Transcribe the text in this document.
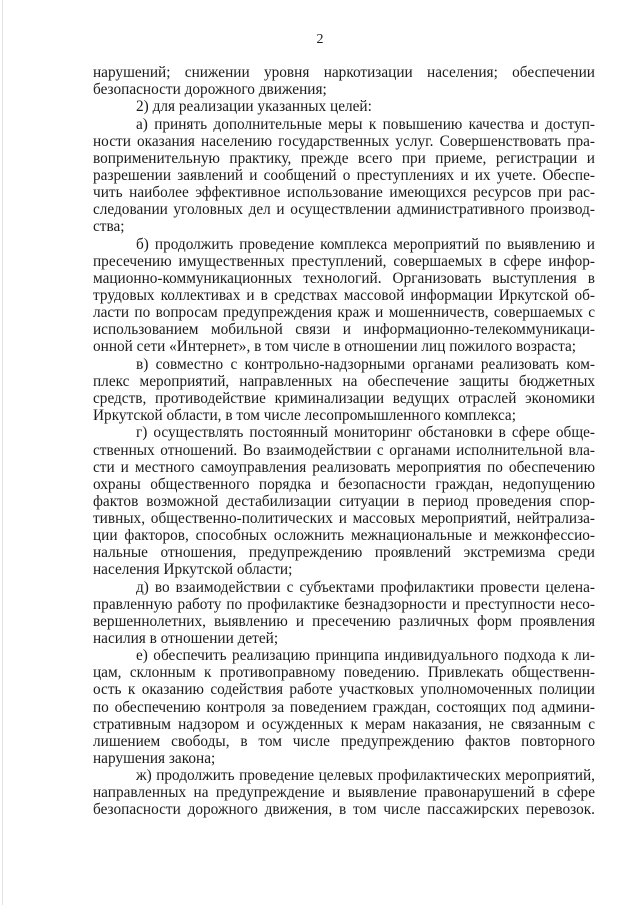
2

нарушений; снижении уровня наркотизации населения; обеспечении
безопасности дорожного движения;

2) для реализации указанных целей:

а) принять дополнительные меры к повышению качества и доступ-
ности оказания населению государственных услуг. Совершенствовать пра-
воприменительную практику, прежде всего при приеме, регистрации и
разрешении заявлений и сообщений о преступлениях и их учете. Обеспе-
чить наиболее эффективное использование имеющихся ресурсов при рас-
следовании уголовных дел и осуществлении административного производ-
ства;

б) продолжить проведение комплекса мероприятий по выявлению и
пресечению имущественных преступлений, совершаемых в сфере инфор-
мационно-коммуникационных технологий. Организовать выступления в
трудовых коллективах и в средствах массовой информации Иркутской об-
ласти по вопросам предупреждения краж и мошенничеств, совершаемых с
использованием мобильной связи и информационно-телекоммуникаци-
онной сети «Интернет», в том числе в отношении лиц пожилого возраста;

в) совместно с контрольно-надзорными органами реализовать ком-
плекс мероприятий, направленных на обеспечение защиты бюджетных
средств, противодействие криминализации ведущих отраслей экономики
Иркутской области, в том числе лесопромышленного комплекса;

г) осуществлять постоянный мониторинг обстановки в сфере обще-
ственных отношений. Во взаимодействии с органами исполнительной вла-
сти и местного самоуправления реализовать мероприятия по обеспечению
охраны общественного порядка и безопасности граждан, недопущению
фактов возможной дестабилизации ситуации в период проведения спор-
тивных, общественно-политических и массовых мероприятий, нейтрализа-
ции факторов, способных осложнить межнациональные и межконфессио-
нальные отношения, предупреждению проявлений экстремизма среди
населения Иркутской области;

д) во взаимодействии с субъектами профилактики провести целена-
правленную работу по профилактике безнадзорности и преступности несо-
вершеннолетних, выявлению и пресечению различных форм проявления
насилия в отношении детей;

е) обеспечить реализацию принципа индивидуального подхода к ли-
цам, склонным к противоправному поведению. Привлекать общественн-
ость к оказанию содействия работе участковых уполномоченных полиции
по обеспечению контроля за поведением граждан, состоящих под админи-
стративным надзором и осужденных к мерам наказания, не связанным с
лишением свободы, в том числе предупреждению фактов повторного
нарушения закона;

ж) продолжить проведение целевых профилактических мероприятий,
направленных на предупреждение и выявление правонарушений в сфере
безопасности дорожного движения, в том числе пассажирских перевозок.
